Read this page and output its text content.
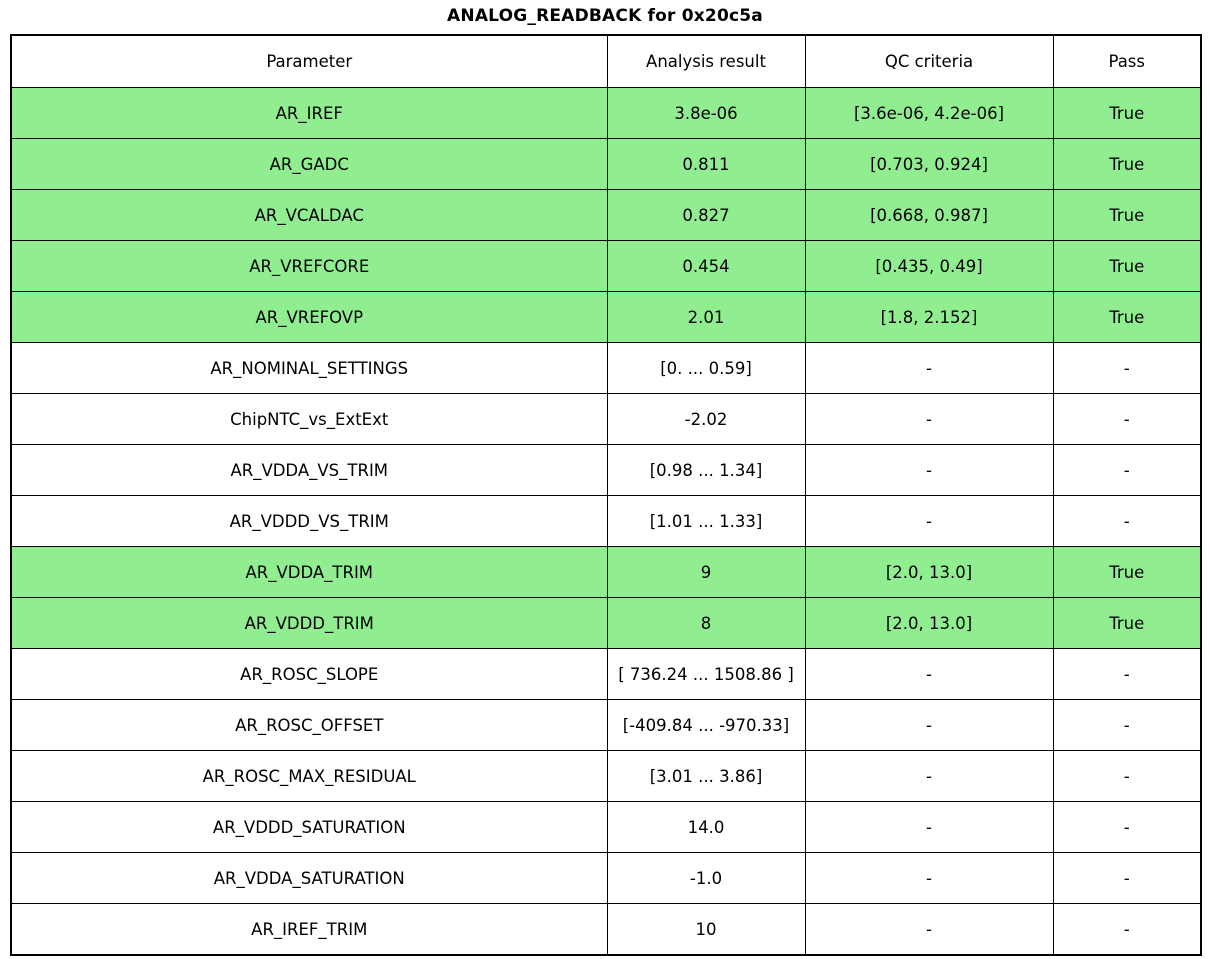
ANALOG_READBACK for 0x20c5a
Parameter	Analysis result	QC criteria	Pass
AR_IREF	3.8e-06	[3.6e-06, 4.2e-06]	True
AR_GADC	0.811	[0.703, 0.924]	True
AR_VCALDAC	0.827	[0.668, 0.987]	True
AR_VREFCORE	0.454	[0.435, 0.49]	True
AR_VREFOVP	2.01	[1.8, 2.152]	True
AR_NOMINAL_SETTINGS	[0. ... 0.59]	-	-
ChipNTC_vs_ExtExt	-2.02	-	-
AR_VDDA_VS_TRIM	[0.98 ... 1.34]	-	-
AR_VDDD_VS_TRIM	[1.01 ... 1.33]	-	-
AR_VDDA_TRIM	9	[2.0, 13.0]	True
AR_VDDD_TRIM	8	[2.0, 13.0]	True
AR_ROSC_SLOPE	[ 736.24 ... 1508.86 ]	-	-
AR_ROSC_OFFSET	[-409.84 ... -970.33]	-	-
AR_ROSC_MAX_RESIDUAL	[3.01 ... 3.86]	-	-
AR_VDDD_SATURATION	14.0	-	-
AR_VDDA_SATURATION	-1.0	-	-
AR_IREF_TRIM	10	-	-
